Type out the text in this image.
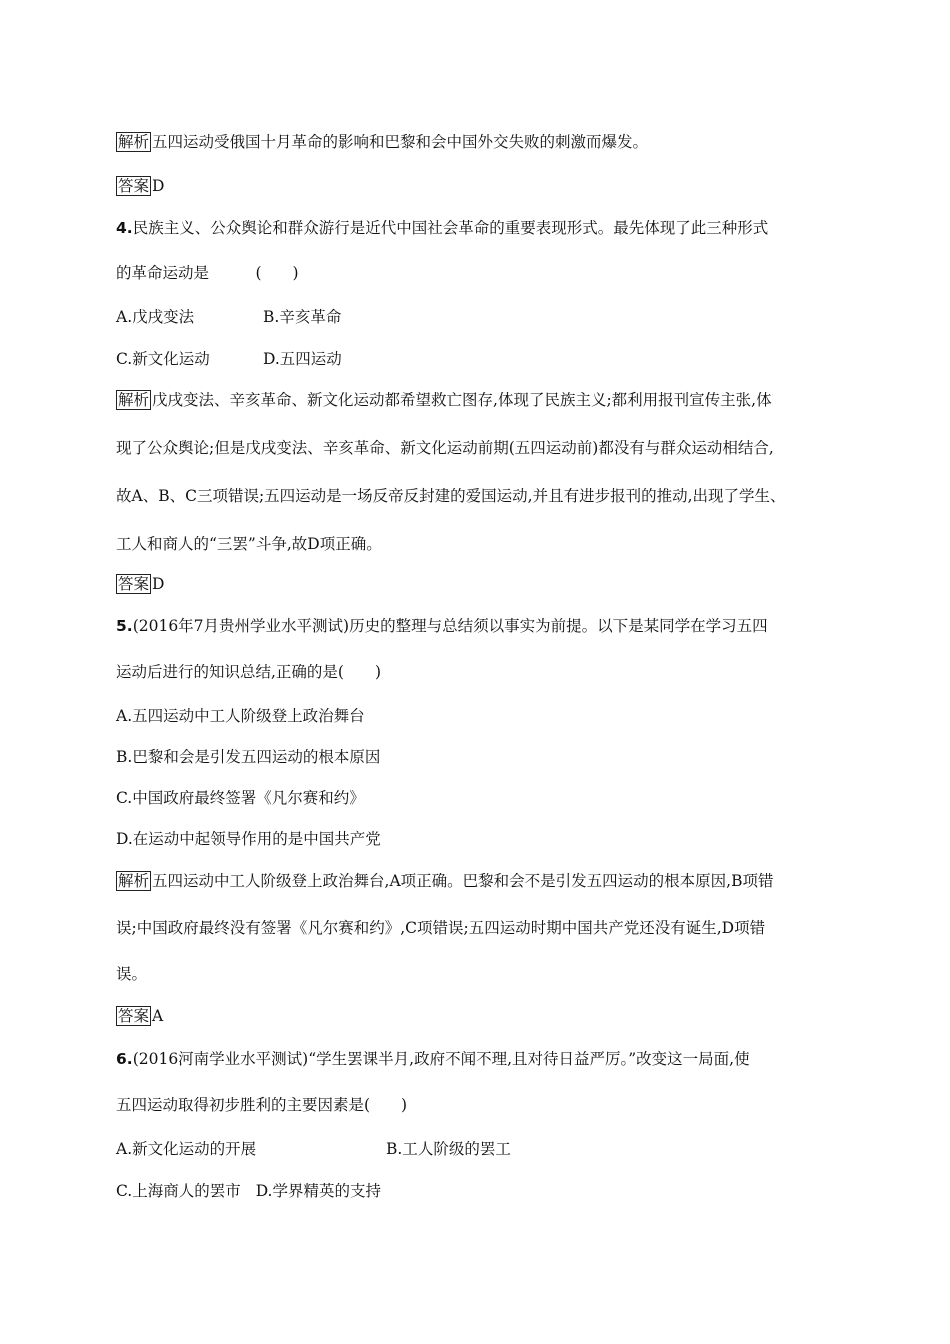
解析 五四运动受俄国十月革命的影响和巴黎和会中国外交失败的刺激而爆发。
答案 D
4.民族主义、公众舆论和群众游行是近代中国社会革命的重要表现形式。最先体现了此三种形式
的革命运动是　　　(　　)
A.戊戌变法	B.辛亥革命
C.新文化运动	D.五四运动
解析 戊戌变法、辛亥革命、新文化运动都希望救亡图存,体现了民族主义;都利用报刊宣传主张,体
现了公众舆论;但是戊戌变法、辛亥革命、新文化运动前期(五四运动前)都没有与群众运动相结合,
故A、B、C三项错误;五四运动是一场反帝反封建的爱国运动,并且有进步报刊的推动,出现了学生、
工人和商人的“三罢”斗争,故D项正确。
答案 D
5.(2016年7月贵州学业水平测试)历史的整理与总结须以事实为前提。以下是某同学在学习五四
运动后进行的知识总结,正确的是(　　)
A.五四运动中工人阶级登上政治舞台
B.巴黎和会是引发五四运动的根本原因
C.中国政府最终签署《凡尔赛和约》
D.在运动中起领导作用的是中国共产党
解析 五四运动中工人阶级登上政治舞台,A项正确。巴黎和会不是引发五四运动的根本原因,B项错
误;中国政府最终没有签署《凡尔赛和约》,C项错误;五四运动时期中国共产党还没有诞生,D项错
误。
答案 A
6.(2016河南学业水平测试)“学生罢课半月,政府不闻不理,且对待日益严厉。”改变这一局面,使
五四运动取得初步胜利的主要因素是(　　)
A.新文化运动的开展	B.工人阶级的罢工
C.上海商人的罢市 D.学界精英的支持
